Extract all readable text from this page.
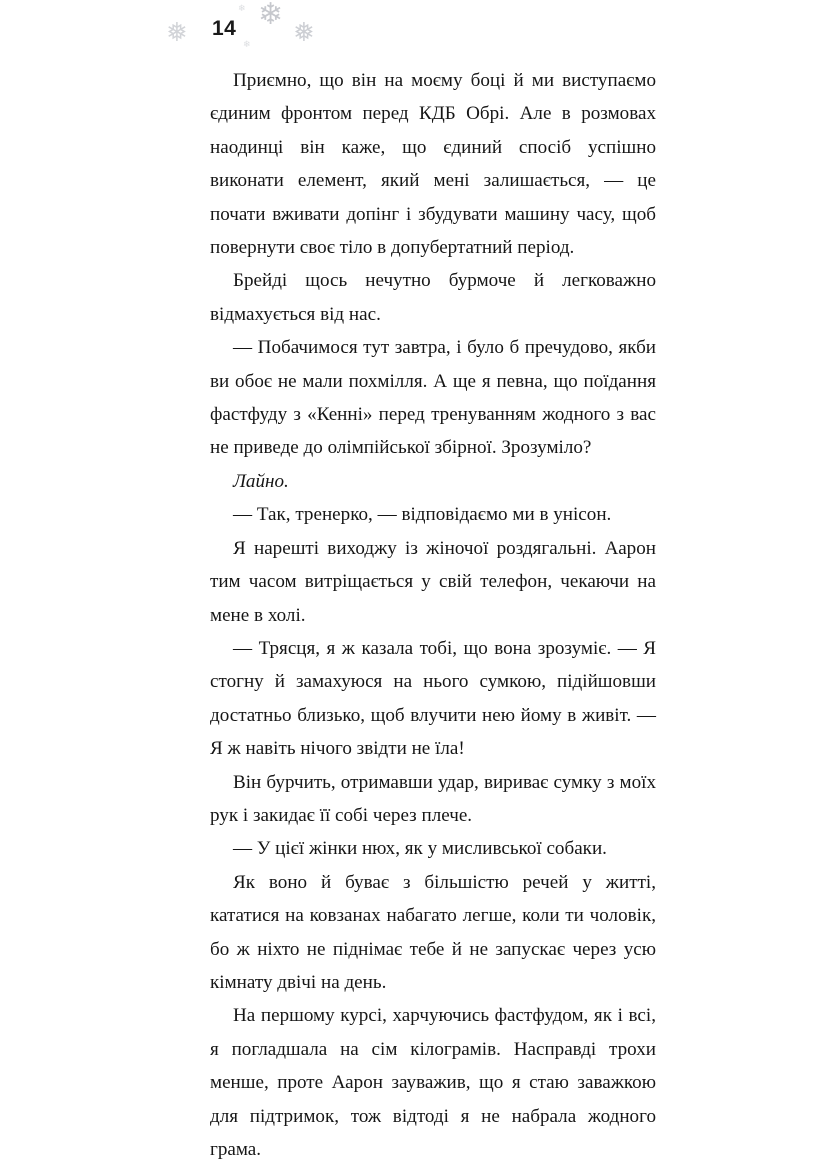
❅
❄
❅
❄
❄
14

Приємно, що він на моєму боці й ми виступаємо єдиним фронтом перед КДБ Обрі. Але в розмовах наодинці він каже, що єдиний спосіб успішно виконати елемент, який мені залишається, — це почати вживати допінг і збудувати машину часу, щоб повернути своє тіло в допубертатний період.

Брейді щось нечутно бурмоче й легковажно відмахується від нас.

— Побачимося тут завтра, і було б пречудово, якби ви обоє не мали похмілля. А ще я певна, що поїдання фастфуду з «Кенні» перед тренуванням жодного з вас не приведе до олімпійської збірної. Зрозуміло?

Лайно.

— Так, тренерко, — відповідаємо ми в унісон.

Я нарешті виходжу із жіночої роздягальні. Аарон тим часом витріщається у свій телефон, чекаючи на мене в холі.

— Трясця, я ж казала тобі, що вона зрозуміє. — Я стогну й замахуюся на нього сумкою, підійшовши достатньо близько, щоб влучити нею йому в живіт. — Я ж навіть нічого звідти не їла!

Він бурчить, отримавши удар, вириває сумку з моїх рук і закидає її собі через плече.

— У цієї жінки нюх, як у мисливської собаки.

Як воно й буває з більшістю речей у житті, кататися на ковзанах набагато легше, коли ти чоловік, бо ж ніхто не піднімає тебе й не запускає через усю кімнату двічі на день.

На першому курсі, харчуючись фастфудом, як і всі, я погладшала на сім кілограмів. Насправді трохи менше, проте Аарон зауважив, що я стаю заважкою для підтримок, тож відтоді я не набрала жодного грама.
